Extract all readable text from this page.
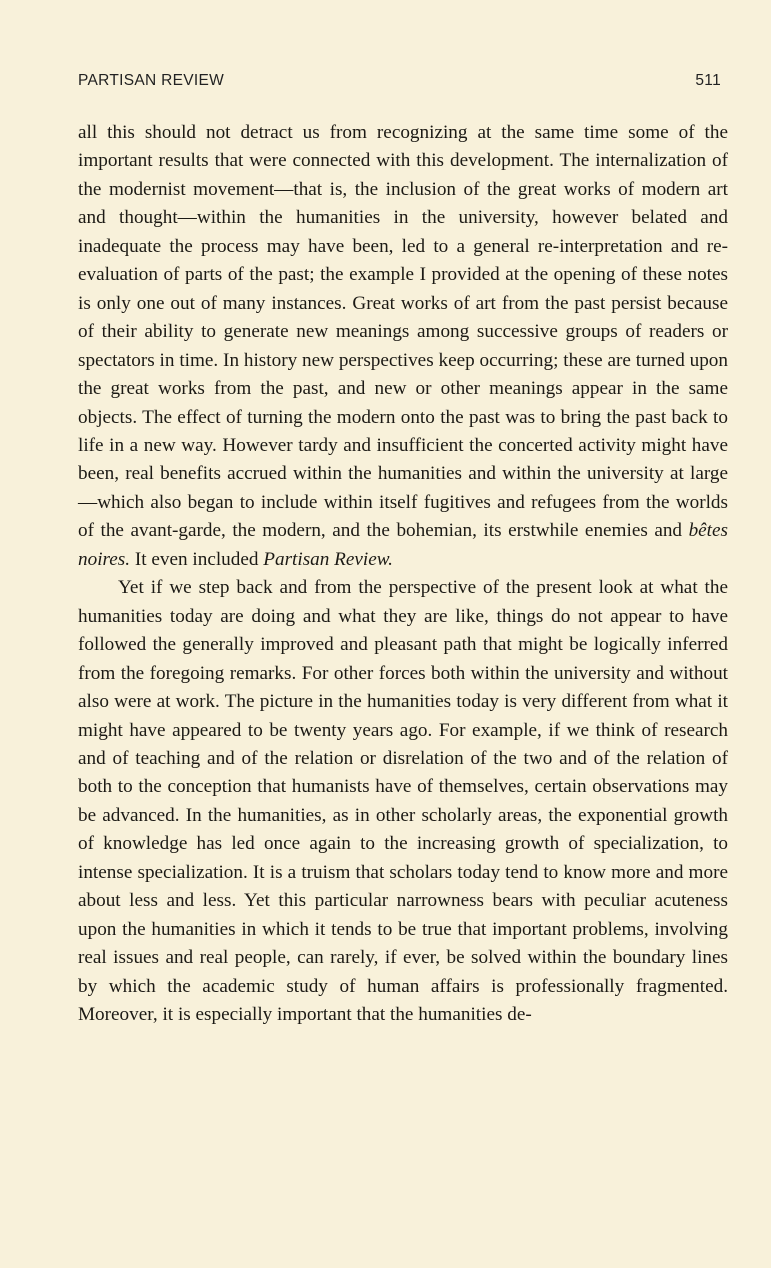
PARTISAN REVIEW	511

all this should not detract us from recognizing at the same time some of the important results that were connected with this development. The internalization of the modernist movement—that is, the inclusion of the great works of modern art and thought—within the humanities in the university, however belated and inadequate the process may have been, led to a general re-interpretation and re-evaluation of parts of the past; the example I provided at the opening of these notes is only one out of many instances. Great works of art from the past persist because of their ability to generate new meanings among successive groups of readers or spectators in time. In history new perspectives keep occurring; these are turned upon the great works from the past, and new or other meanings appear in the same objects. The effect of turning the modern onto the past was to bring the past back to life in a new way. However tardy and insufficient the concerted activity might have been, real benefits accrued within the humanities and within the university at large—which also began to include within itself fugitives and refugees from the worlds of the avant-garde, the modern, and the bohemian, its erstwhile enemies and bêtes noires. It even included Partisan Review.

Yet if we step back and from the perspective of the present look at what the humanities today are doing and what they are like, things do not appear to have followed the generally improved and pleasant path that might be logically inferred from the foregoing remarks. For other forces both within the university and without also were at work. The picture in the humanities today is very different from what it might have appeared to be twenty years ago. For example, if we think of research and of teaching and of the relation or disrelation of the two and of the relation of both to the conception that humanists have of themselves, certain observations may be advanced. In the humanities, as in other scholarly areas, the exponential growth of knowledge has led once again to the increasing growth of specialization, to intense specialization. It is a truism that scholars today tend to know more and more about less and less. Yet this particular narrowness bears with peculiar acuteness upon the humanities in which it tends to be true that important problems, involving real issues and real people, can rarely, if ever, be solved within the boundary lines by which the academic study of human affairs is professionally fragmented. Moreover, it is especially important that the humanities de-
